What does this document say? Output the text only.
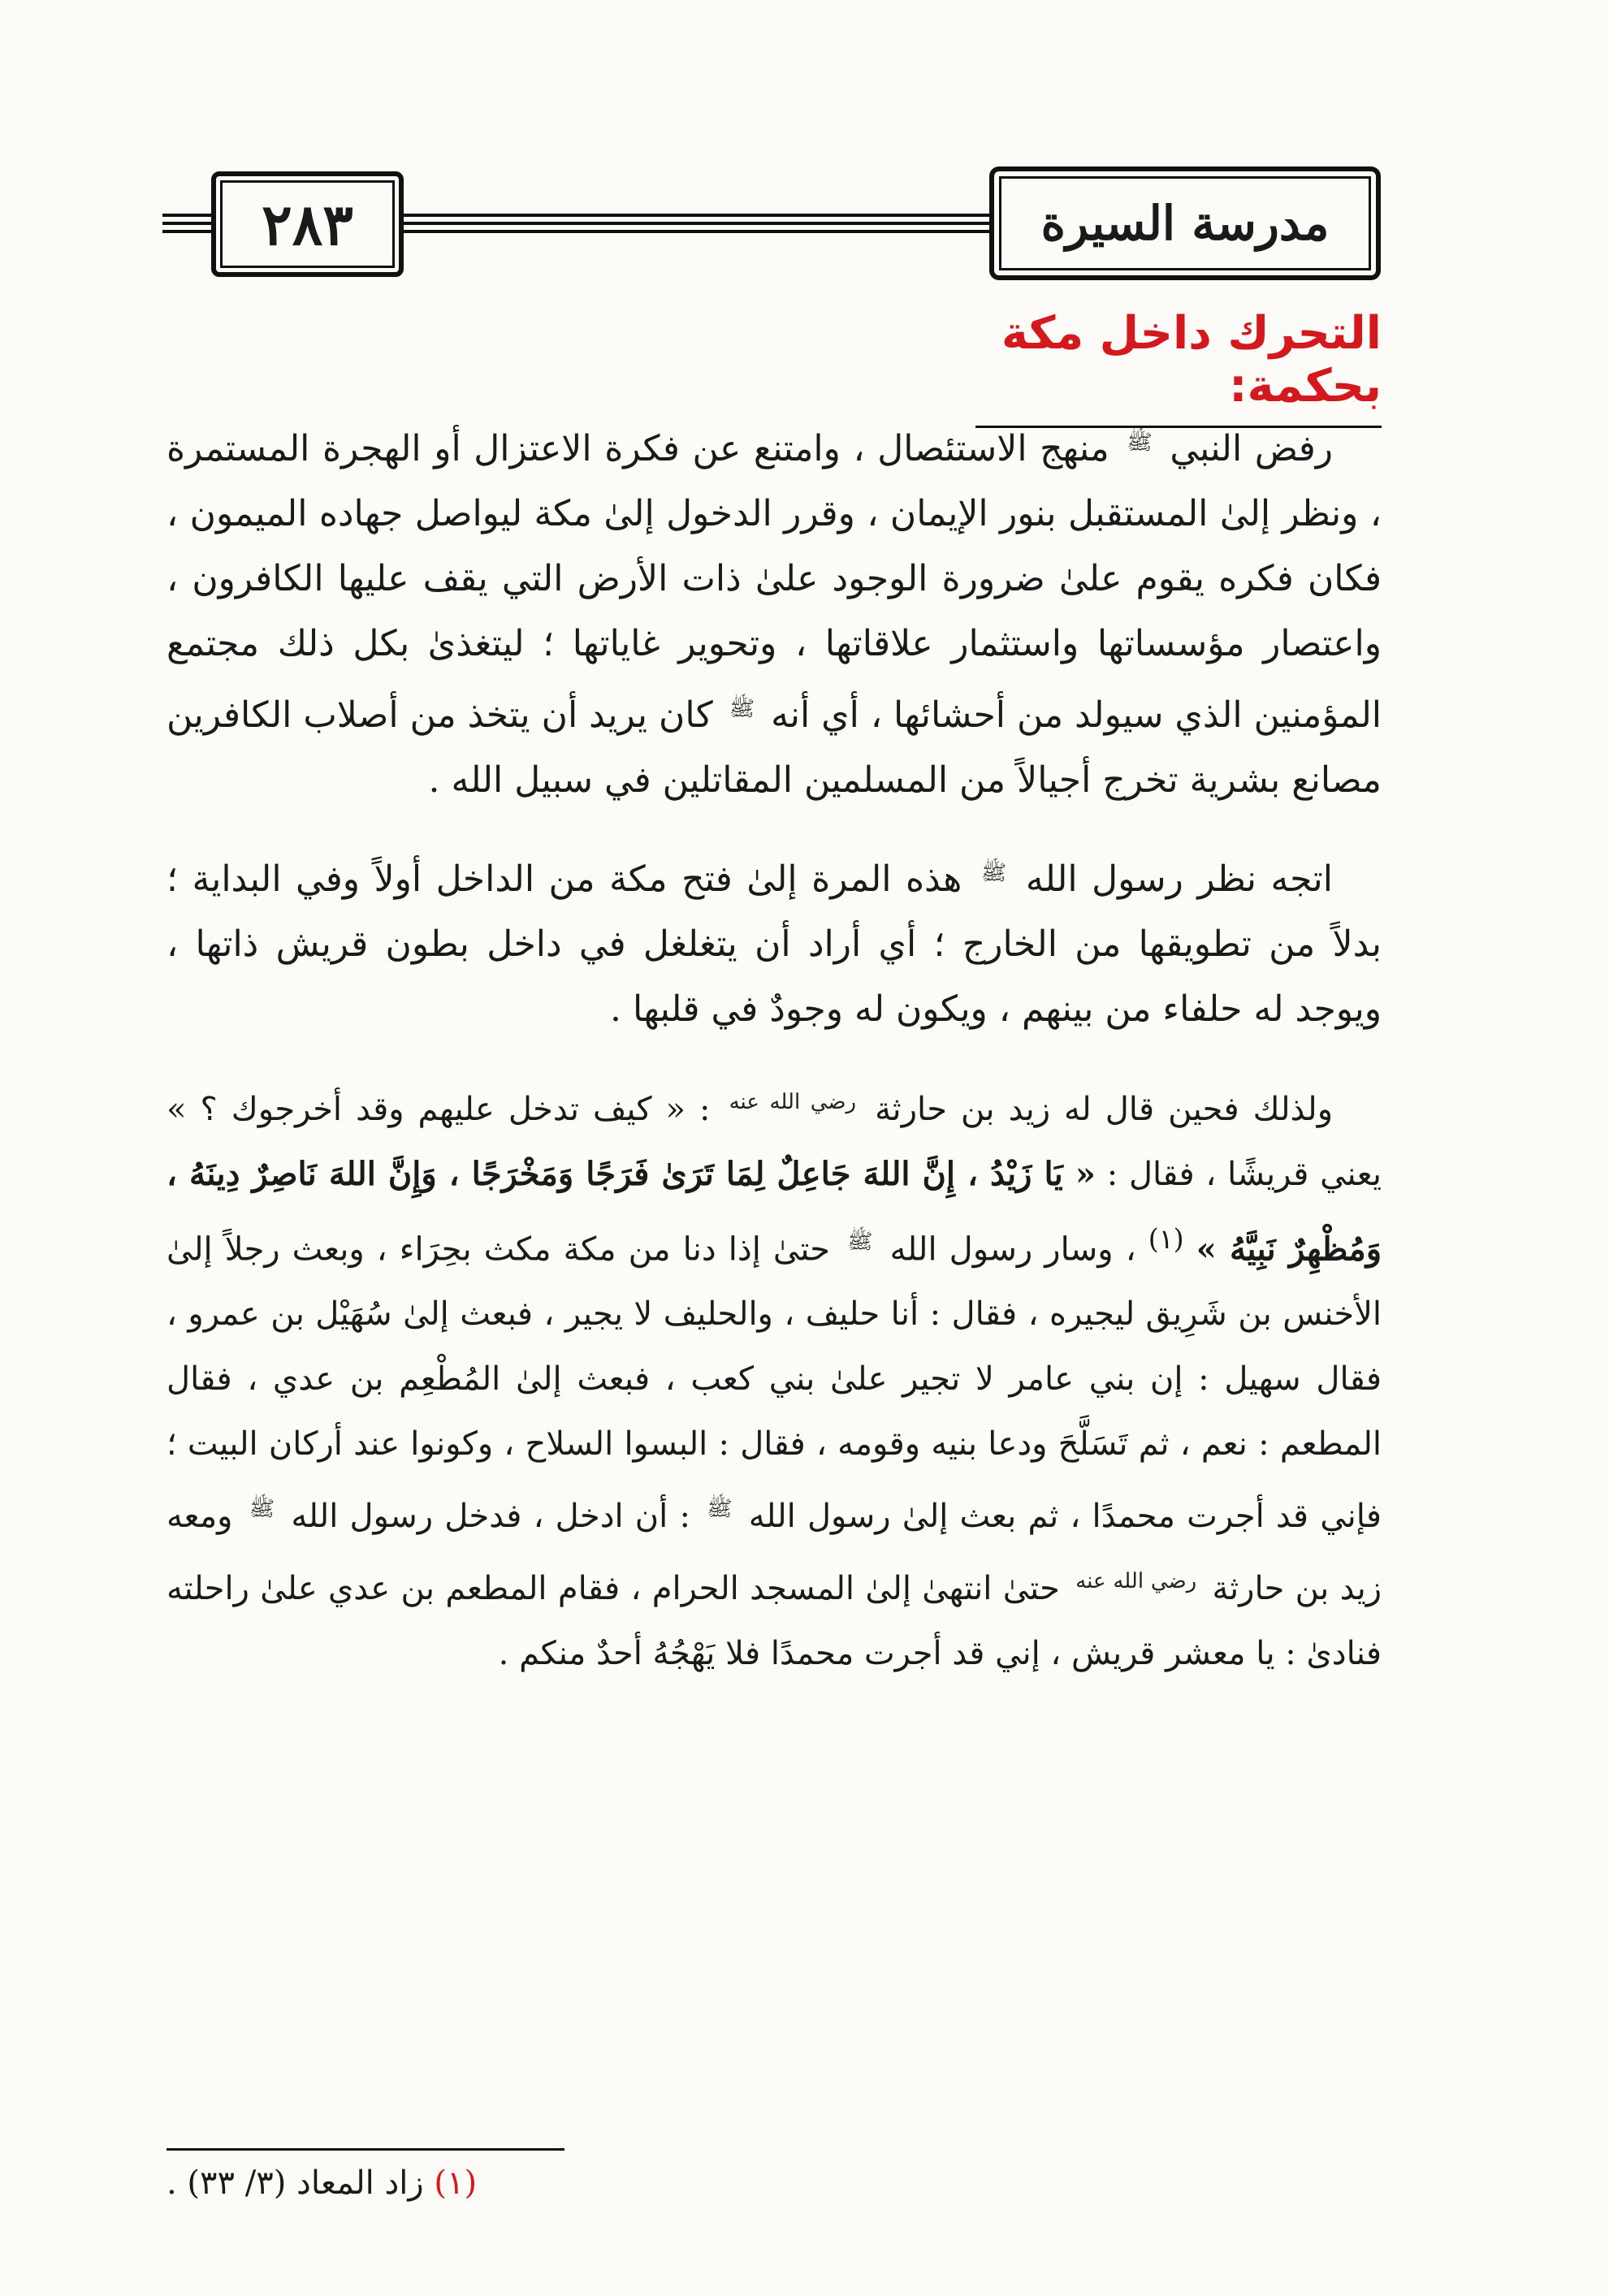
٢٨٣	مدرسة السيرة
التحرك داخل مكة بحكمة:

رفض النبي $^ﷺ$ منهج الاستئصال ، وامتنع عن فكرة الاعتزال أو الهجرة المستمرة ، ونظر إلىٰ المستقبل بنور الإيمان ، وقرر الدخول إلىٰ مكة ليواصل جهاده الميمون ، فكان فكره يقوم علىٰ ضرورة الوجود علىٰ ذات الأرض التي يقف عليها الكافرون ، واعتصار مؤسساتها واستثمار علاقاتها ، وتحوير غاياتها ؛ ليتغذىٰ بكل ذلك مجتمع المؤمنين الذي سيولد من أحشائها ، أي أنه $^ﷺ$ كان يريد أن يتخذ من أصلاب الكافرين مصانع بشرية تخرج أجيالاً من المسلمين المقاتلين في سبيل الله .

اتجه نظر رسول الله $^ﷺ$ هذه المرة إلىٰ فتح مكة من الداخل أولاً وفي البداية ؛ بدلاً من تطويقها من الخارج ؛ أي أراد أن يتغلغل في داخل بطون قريش ذاتها ، ويوجد له حلفاء من بينهم ، ويكون له وجودٌ في قلبها .

ولذلك فحين قال له زيد بن حارثة $^{رضي الله عنه}$ : « كيف تدخل عليهم وقد أخرجوك ؟ » يعني قريشًا ، فقال : « يَا زَيْدُ ، إِنَّ اللهَ جَاعِلٌ لِمَا تَرَىٰ فَرَجًا وَمَخْرَجًا ، وَإِنَّ اللهَ نَاصِرٌ دِينَهُ ، وَمُظْهِرٌ نَبِيَّهُ » $^{(١)}$ ، وسار رسول الله $^ﷺ$ حتىٰ إذا دنا من مكة مكث بحِرَاء ، وبعث رجلاً إلىٰ الأخنس بن شَرِيق ليجيره ، فقال : أنا حليف ، والحليف لا يجير ، فبعث إلىٰ سُهَيْل بن عمرو ، فقال سهيل : إن بني عامر لا تجير علىٰ بني كعب ، فبعث إلىٰ المُطْعِم بن عدي ، فقال المطعم : نعم ، ثم تَسَلَّحَ ودعا بنيه وقومه ، فقال : البسوا السلاح ، وكونوا عند أركان البيت ؛ فإني قد أجرت محمدًا ، ثم بعث إلىٰ رسول الله $^ﷺ$ : أن ادخل ، فدخل رسول الله $^ﷺ$ ومعه زيد بن حارثة $^{رضي الله عنه}$ حتىٰ انتهىٰ إلىٰ المسجد الحرام ، فقام المطعم بن عدي علىٰ راحلته فنادىٰ : يا معشر قريش ، إني قد أجرت محمدًا فلا يَهْجُهُ أحدٌ منكم .

(١) زاد المعاد (٣/ ٣٣) .
